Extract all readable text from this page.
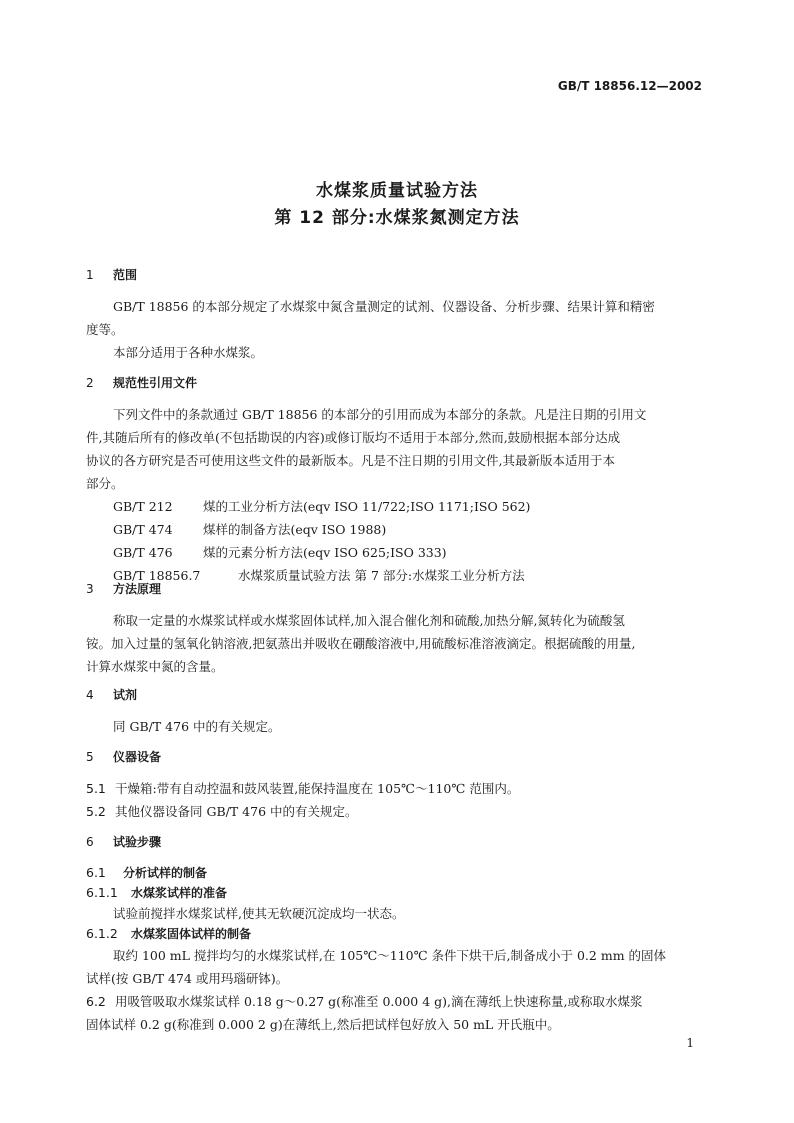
GB/T 18856.12—2002
水煤浆质量试验方法
第 12 部分:水煤浆氮测定方法
1 范围
GB/T 18856 的本部分规定了水煤浆中氮含量测定的试剂、仪器设备、分析步骤、结果计算和精密
度等。
本部分适用于各种水煤浆。
2 规范性引用文件
下列文件中的条款通过 GB/T 18856 的本部分的引用而成为本部分的条款。凡是注日期的引用文
件,其随后所有的修改单(不包括勘误的内容)或修订版均不适用于本部分,然而,鼓励根据本部分达成
协议的各方研究是否可使用这些文件的最新版本。凡是不注日期的引用文件,其最新版本适用于本
部分。
GB/T 212 煤的工业分析方法(eqv ISO 11/722;ISO 1171;ISO 562)
GB/T 474 煤样的制备方法(eqv ISO 1988)
GB/T 476 煤的元素分析方法(eqv ISO 625;ISO 333)
GB/T 18856.7	水煤浆质量试验方法 第 7 部分:水煤浆工业分析方法
3 方法原理
称取一定量的水煤浆试样或水煤浆固体试样,加入混合催化剂和硫酸,加热分解,氮转化为硫酸氢
铵。加入过量的氢氧化钠溶液,把氨蒸出并吸收在硼酸溶液中,用硫酸标准溶液滴定。根据硫酸的用量,
计算水煤浆中氮的含量。
4 试剂
同 GB/T 476 中的有关规定。
5 仪器设备
5.1 干燥箱:带有自动控温和鼓风装置,能保持温度在 105℃～110℃ 范围内。
5.2 其他仪器设备同 GB/T 476 中的有关规定。
6 试验步骤
6.1 分析试样的制备
6.1.1 水煤浆试样的准备
试验前搅拌水煤浆试样,使其无软硬沉淀成均一状态。
6.1.2 水煤浆固体试样的制备
取约 100 mL 搅拌均匀的水煤浆试样,在 105℃～110℃ 条件下烘干后,制备成小于 0.2 mm 的固体
试样(按 GB/T 474 或用玛瑙研钵)。
6.2 用吸管吸取水煤浆试样 0.18 g～0.27 g(称准至 0.000 4 g),滴在薄纸上快速称量,或称取水煤浆
固体试样 0.2 g(称准到 0.000 2 g)在薄纸上,然后把试样包好放入 50 mL 开氏瓶中。
1
